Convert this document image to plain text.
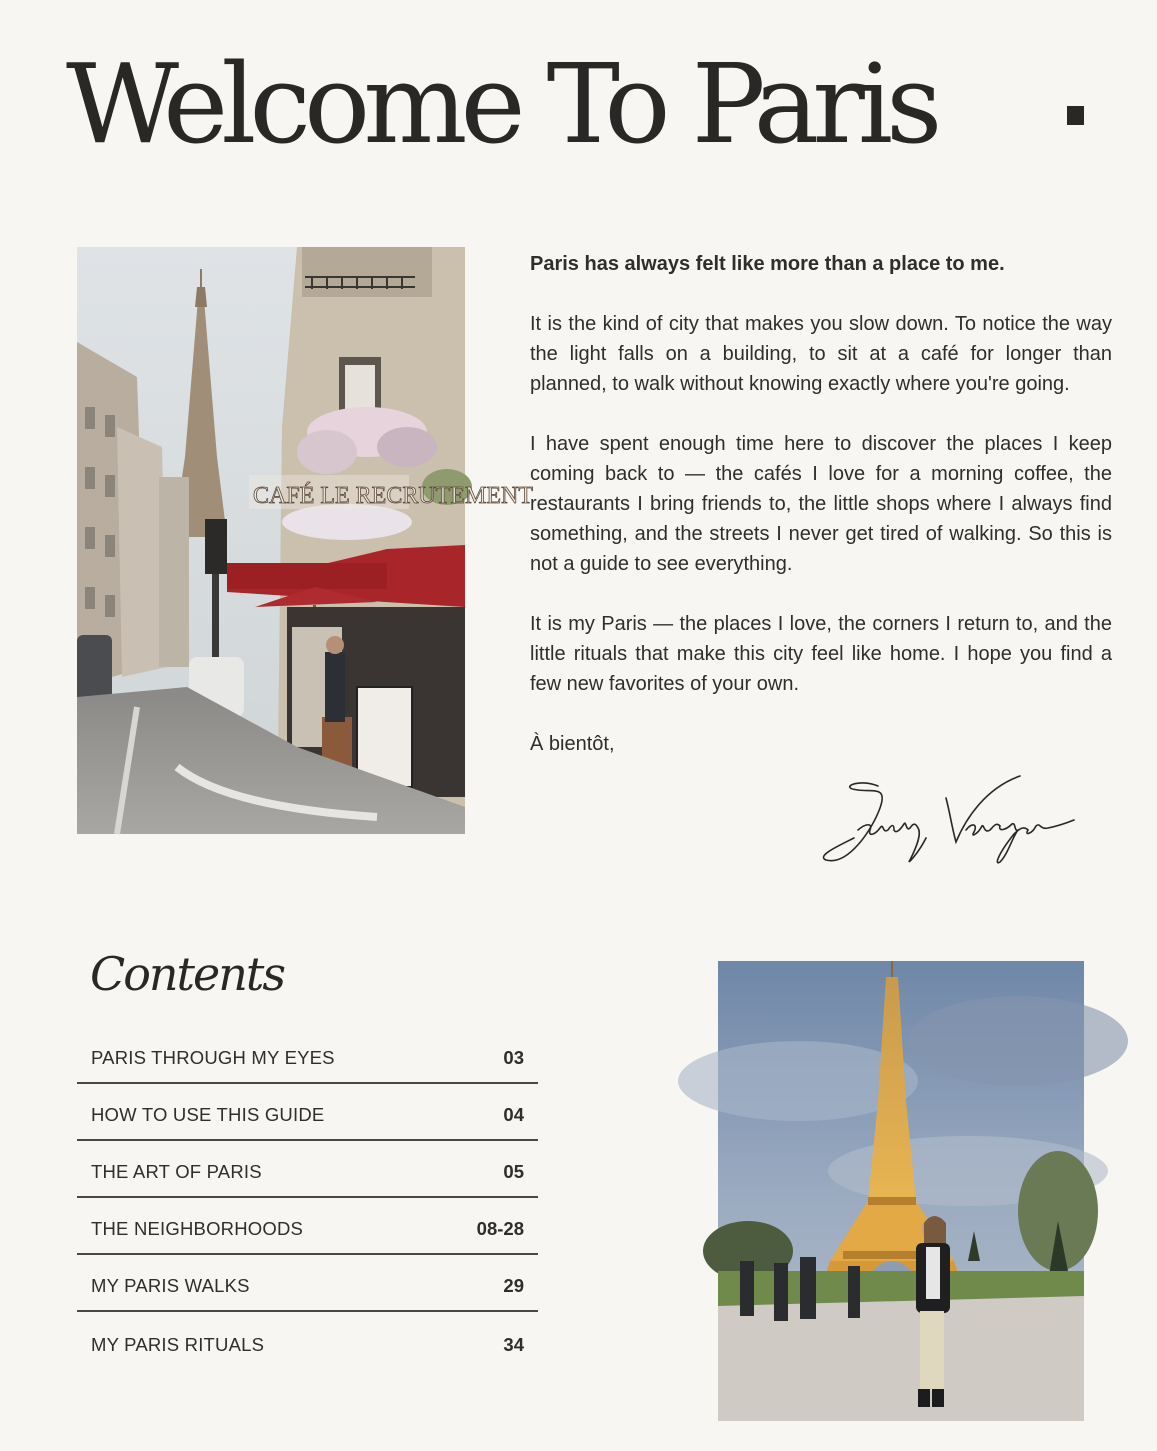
Welcome To Paris
CAFÉ LE RECRUTEMENT

Paris has always felt like more than a place to me.

It is the kind of city that makes you slow down. To notice the way the light falls on a building, to sit at a café for longer than planned, to walk without knowing exactly where you're going.

I have spent enough time here to discover the places I keep coming back to — the cafés I love for a morning coffee, the restaurants I bring friends to, the little shops where I always find something, and the streets I never get tired of walking. So this is not a guide to see everything.

It is my Paris — the places I love, the corners I return to, and the little rituals that make this city feel like home. I hope you find a few new favorites of your own.

À bientôt,

Contents
PARIS THROUGH MY EYES	03
HOW TO USE THIS GUIDE	04
THE ART OF PARIS	05
THE NEIGHBORHOODS	08-28
MY PARIS WALKS	29
MY PARIS RITUALS	34
